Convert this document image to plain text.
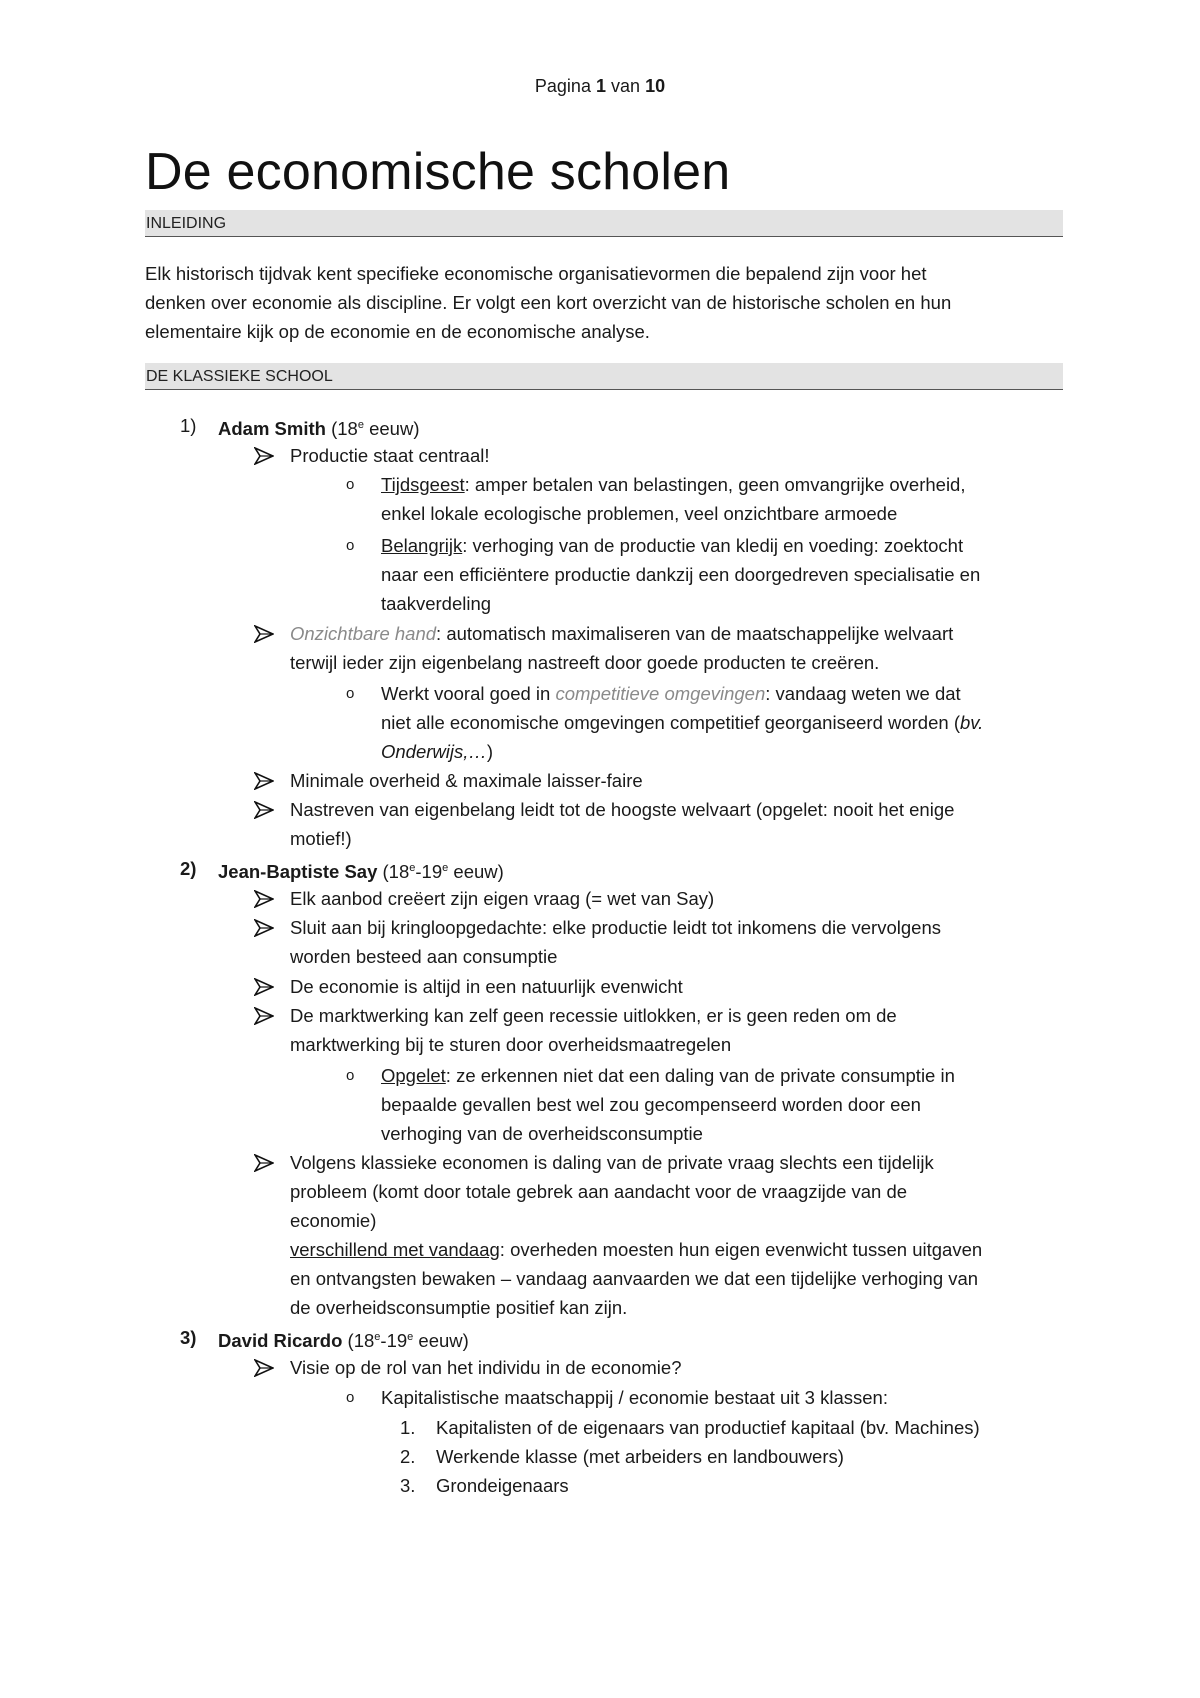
Pagina 1 van 10
De economische scholen
INLEIDING
Elk historisch tijdvak kent specifieke economische organisatievormen die bepalend zijn voor het
denken over economie als discipline. Er volgt een kort overzicht van de historische scholen en hun
elementaire kijk op de economie en de economische analyse.
DE KLASSIEKE SCHOOL
1) Adam Smith (18e eeuw)
Productie staat centraal!
o Tijdsgeest: amper betalen van belastingen, geen omvangrijke overheid,
enkel lokale ecologische problemen, veel onzichtbare armoede
o Belangrijk: verhoging van de productie van kledij en voeding: zoektocht
naar een efficiëntere productie dankzij een doorgedreven specialisatie en
taakverdeling
Onzichtbare hand: automatisch maximaliseren van de maatschappelijke welvaart
terwijl ieder zijn eigenbelang nastreeft door goede producten te creëren.
o Werkt vooral goed in competitieve omgevingen: vandaag weten we dat
niet alle economische omgevingen competitief georganiseerd worden (bv.
Onderwijs,…)
Minimale overheid & maximale laisser-faire
Nastreven van eigenbelang leidt tot de hoogste welvaart (opgelet: nooit het enige
motief!)
2) Jean-Baptiste Say (18e-19e eeuw)
Elk aanbod creëert zijn eigen vraag (= wet van Say)
Sluit aan bij kringloopgedachte: elke productie leidt tot inkomens die vervolgens
worden besteed aan consumptie
De economie is altijd in een natuurlijk evenwicht
De marktwerking kan zelf geen recessie uitlokken, er is geen reden om de
marktwerking bij te sturen door overheidsmaatregelen
o Opgelet: ze erkennen niet dat een daling van de private consumptie in
bepaalde gevallen best wel zou gecompenseerd worden door een
verhoging van de overheidsconsumptie
Volgens klassieke economen is daling van de private vraag slechts een tijdelijk
probleem (komt door totale gebrek aan aandacht voor de vraagzijde van de
economie)
verschillend met vandaag: overheden moesten hun eigen evenwicht tussen uitgaven
en ontvangsten bewaken – vandaag aanvaarden we dat een tijdelijke verhoging van
de overheidsconsumptie positief kan zijn.
3) David Ricardo (18e-19e eeuw)
Visie op de rol van het individu in de economie?
o Kapitalistische maatschappij / economie bestaat uit 3 klassen:
1. Kapitalisten of de eigenaars van productief kapitaal (bv. Machines)
2. Werkende klasse (met arbeiders en landbouwers)
3. Grondeigenaars
